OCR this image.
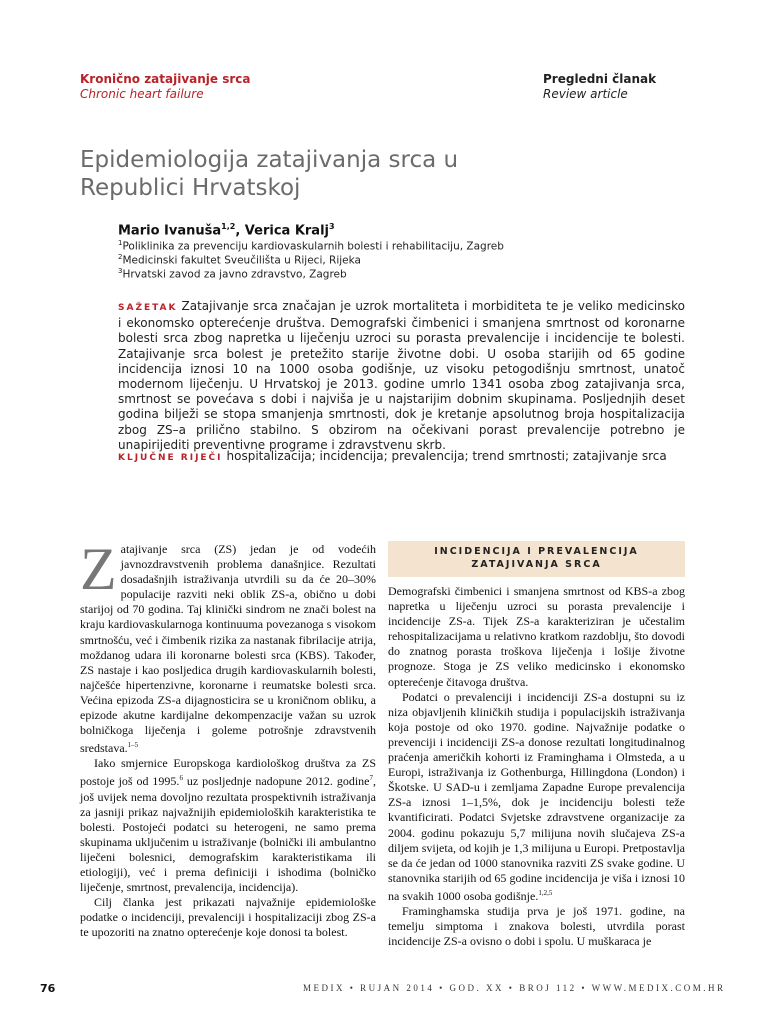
Kronično zatajivanje srca
Chronic heart failure
Pregledni članak
Review article
Epidemiologija zatajivanja srca u
Republici Hrvatskoj
Mario Ivanuša$^{1,2}$, Verica Kralj$^3$
$^1$Poliklinika za prevenciju kardiovaskularnih bolesti i rehabilitaciju, Zagreb
$^2$Medicinski fakultet Sveučilišta u Rijeci, Rijeka
$^3$Hrvatski zavod za javno zdravstvo, Zagreb
SAŽETAK Zatajivanje srca značajan je uzrok mortaliteta i morbiditeta te je veliko medicinsko i ekonomsko opterećenje društva. Demografski čimbenici i smanjena smrtnost od koronarne bolesti srca zbog napretka u liječenju uzroci su porasta prevalencije i incidencije te bolesti. Zatajivanje srca bolest je pretežito starije životne dobi. U osoba starijih od 65 godine incidencija iznosi 10 na 1000 osoba godišnje, uz visoku petogodišnju smrtnost, unatoč modernom liječenju. U Hrvatskoj je 2013. godine umrlo 1341 osoba zbog zatajivanja srca, smrtnost se povećava s dobi i najviša je u najstarijim dobnim skupinama. Posljednjih deset godina bilježi se stopa smanjenja smrtnosti, dok je kretanje apsolutnog broja hospitalizacija zbog ZS–a prilično stabilno. S obzirom na očekivani porast prevalencije potrebno je unapirijediti preventivne programe i zdravstvenu skrb.
KLJUČNE RIJEČI hospitalizacija; incidencija; prevalencija; trend smrtnosti; zatajivanje srca

Zatajivanje srca (ZS) jedan je od vodećih javnozdravstvenih problema današnjice. Rezultati dosadašnjih istraživanja utvrdili su da će 20–30% populacije razviti neki oblik ZS-a, obično u dobi starijoj od 70 godina. Taj klinički sindrom ne znači bolest na kraju kardiovaskularnoga kontinuuma povezanoga s visokom smrtnošću, već i čimbenik rizika za nastanak fibrilacije atrija, moždanog udara ili koronarne bolesti srca (KBS). Također, ZS nastaje i kao posljedica drugih kardiovaskularnih bolesti, najčešće hipertenzivne, koronarne i reumatske bolesti srca. Većina epizoda ZS-a dijagnosticira se u kroničnom obliku, a epizode akutne kardijalne dekompenzacije važan su uzrok bolničkoga liječenja i goleme potrošnje zdravstvenih sredstava.$^{1-5}$

Iako smjernice Europskoga kardiološkog društva za ZS postoje još od 1995.$^6$ uz posljednje nadopune 2012. godine$^7$, još uvijek nema dovoljno rezultata prospektivnih istraživanja za jasniji prikaz najvažnijih epidemioloških karakteristika te bolesti. Postojeći podatci su heterogeni, ne samo prema skupinama uključenim u istraživanje (bolnički ili ambulantno liječeni bolesnici, demografskim karakteristikama ili etiologiji), već i prema definiciji i ishodima (bolničko liječenje, smrtnost, prevalencija, incidencija).

Cilj članka jest prikazati najvažnije epidemiološke podatke o incidenciji, prevalenciji i hospitalizaciji zbog ZS-a te upozoriti na znatno opterećenje koje donosi ta bolest.

INCIDENCIJA I PREVALENCIJA
ZATAJIVANJA SRCA

Demografski čimbenici i smanjena smrtnost od KBS-a zbog napretka u liječenju uzroci su porasta prevalencije i incidencije ZS-a. Tijek ZS-a karakteriziran je učestalim rehospitalizacijama u relativno kratkom razdoblju, što dovodi do znatnog porasta troškova liječenja i lošije životne prognoze. Stoga je ZS veliko medicinsko i ekonomsko opterećenje čitavoga društva.

Podatci o prevalenciji i incidenciji ZS-a dostupni su iz niza objavljenih kliničkih studija i populacijskih istraživanja koja postoje od oko 1970. godine. Najvažnije podatke o prevenciji i incidenciji ZS-a donose rezultati longitudinalnog praćenja američkih kohorti iz Framinghama i Olmsteda, a u Europi, istraživanja iz Gothenburga, Hillingdona (London) i Škotske. U SAD-u i zemljama Zapadne Europe prevalencija ZS-a iznosi 1–1,5%, dok je incidenciju bolesti teže kvantificirati. Podatci Svjetske zdravstvene organizacije za 2004. godinu pokazuju 5,7 milijuna novih slučajeva ZS-a diljem svijeta, od kojih je 1,3 milijuna u Europi. Pretpostavlja se da će jedan od 1000 stanovnika razviti ZS svake godine. U stanovnika starijih od 65 godine incidencija je viša i iznosi 10 na svakih 1000 osoba godišnje.$^{1,2,5}$

Framinghamska studija prva je još 1971. godine, na temelju simptoma i znakova bolesti, utvrdila porast incidencije ZS-a ovisno o dobi i spolu. U muškaraca je

76	MEDIX • RUJAN 2014 • GOD. XX • BROJ 112 • WWW.MEDIX.COM.HR
